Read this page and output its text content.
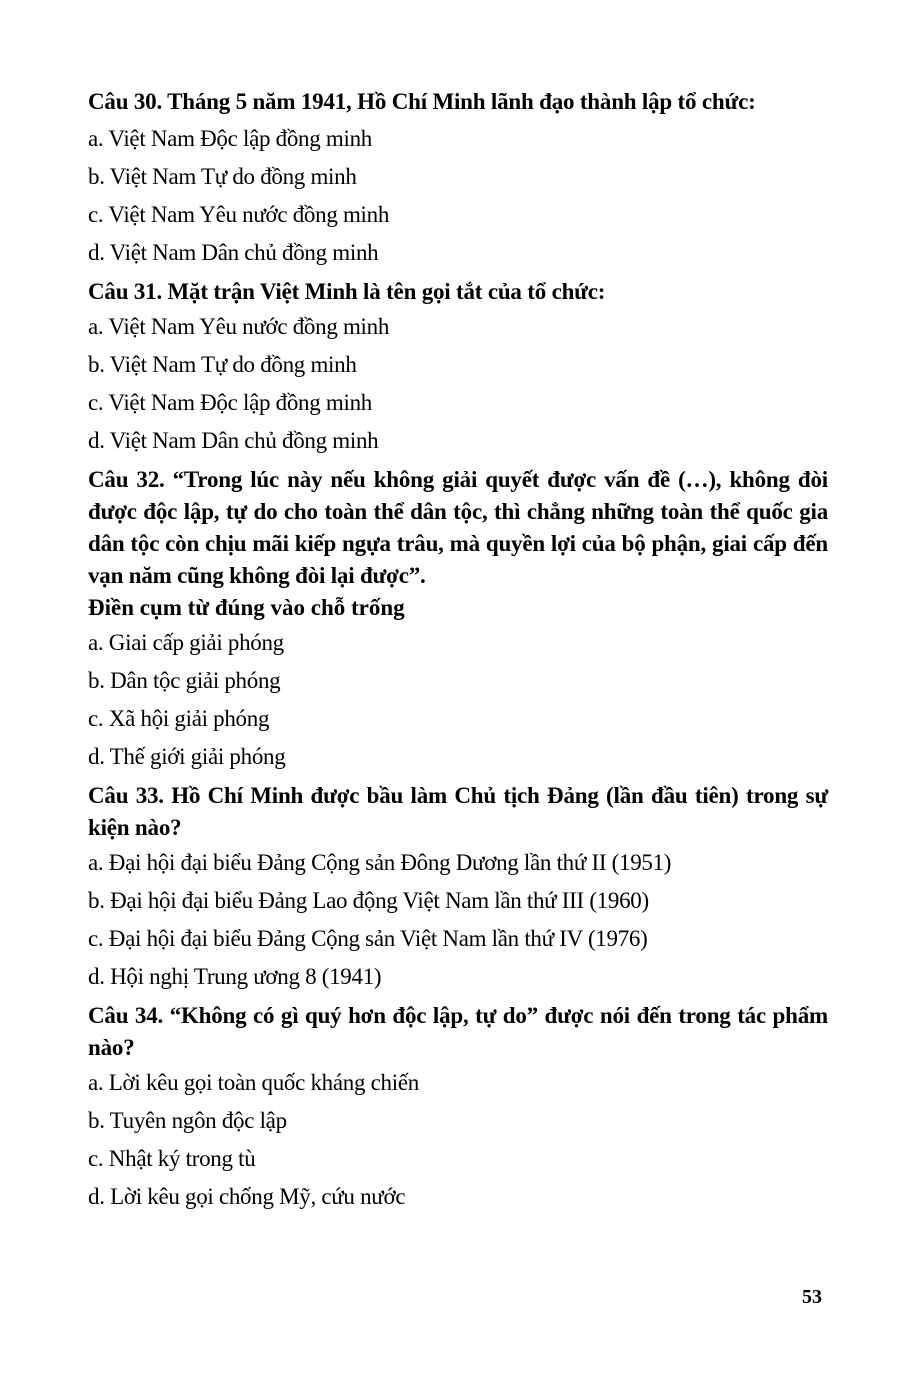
Câu 30. Tháng 5 năm 1941, Hồ Chí Minh lãnh đạo thành lập tổ chức:
a. Việt Nam Độc lập đồng minh
b. Việt Nam Tự do đồng minh
c. Việt Nam Yêu nước đồng minh
d. Việt Nam Dân chủ đồng minh
Câu 31. Mặt trận Việt Minh là tên gọi tắt của tổ chức:
a. Việt Nam Yêu nước đồng minh
b. Việt Nam Tự do đồng minh
c. Việt Nam Độc lập đồng minh
d. Việt Nam Dân chủ đồng minh
Câu 32. “Trong lúc này nếu không giải quyết được vấn đề (…), không đòi được độc lập, tự do cho toàn thể dân tộc, thì chẳng những toàn thể quốc gia dân tộc còn chịu mãi kiếp ngựa trâu, mà quyền lợi của bộ phận, giai cấp đến vạn năm cũng không đòi lại được”.
Điền cụm từ đúng vào chỗ trống
a. Giai cấp giải phóng
b. Dân tộc giải phóng
c. Xã hội giải phóng
d. Thế giới giải phóng
Câu 33. Hồ Chí Minh được bầu làm Chủ tịch Đảng (lần đầu tiên) trong sự kiện nào?
a. Đại hội đại biểu Đảng Cộng sản Đông Dương lần thứ II (1951)
b. Đại hội đại biểu Đảng Lao động Việt Nam lần thứ III (1960)
c. Đại hội đại biểu Đảng Cộng sản Việt Nam lần thứ IV (1976)
d. Hội nghị Trung ương 8 (1941)
Câu 34. “Không có gì quý hơn độc lập, tự do” được nói đến trong tác phẩm nào?
a. Lời kêu gọi toàn quốc kháng chiến
b. Tuyên ngôn độc lập
c. Nhật ký trong tù
d. Lời kêu gọi chống Mỹ, cứu nước
53
